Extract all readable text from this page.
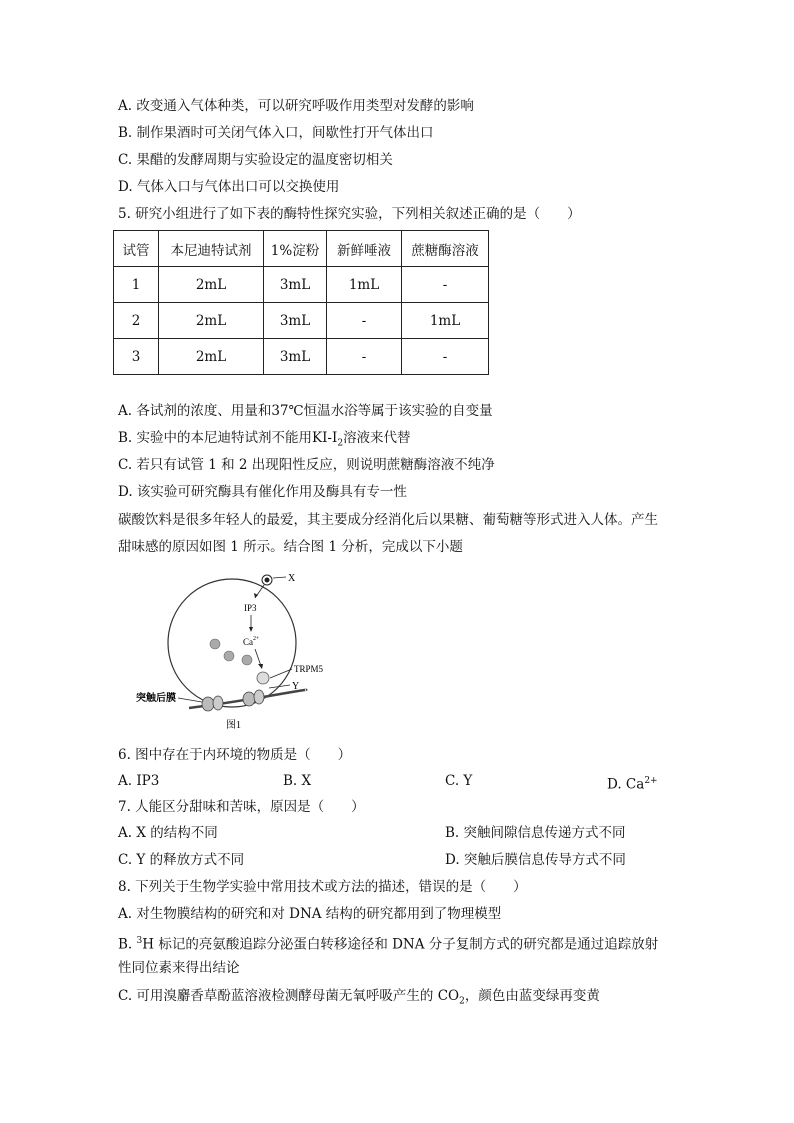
A. 改变通入气体种类，可以研究呼吸作用类型对发酵的影响
B. 制作果酒时可关闭气体入口，间歇性打开气体出口
C. 果醋的发酵周期与实验设定的温度密切相关
D. 气体入口与气体出口可以交换使用
5. 研究小组进行了如下表的酶特性探究实验，下列相关叙述正确的是（　　）
试管	本尼迪特试剂	1%淀粉	新鲜唾液	蔗糖酶溶液
1	2mL	3mL	1mL	-
2	2mL	3mL	-	1mL
3	2mL	3mL	-	-
A. 各试剂的浓度、用量和37℃恒温水浴等属于该实验的自变量
B. 实验中的本尼迪特试剂不能用$KI-I_2$溶液来代替
C. 若只有试管 1 和 2 出现阳性反应，则说明蔗糖酶溶液不纯净
D. 该实验可研究酶具有催化作用及酶具有专一性
碳酸饮料是很多年轻人的最爱，其主要成分经消化后以果糖、葡萄糖等形式进入人体。产生
甜味感的原因如图 1 所示。结合图 1 分析，完成以下小题
X
IP3
$Ca^{2+}$
TRPM5
Y
突触后膜
图1
6. 图中存在于内环境的物质是（　　）
A. IP3	B. X	C. Y	D. $Ca^{2+}$
7. 人能区分甜味和苦味，原因是（　　）
A. X 的结构不同	B. 突触间隙信息传递方式不同
C. Y 的释放方式不同	D. 突触后膜信息传导方式不同
8. 下列关于生物学实验中常用技术或方法的描述，错误的是（　　）
A. 对生物膜结构的研究和对 DNA 结构的研究都用到了物理模型
B. $^3$H 标记的亮氨酸追踪分泌蛋白转移途径和 DNA 分子复制方式的研究都是通过追踪放射
性同位素来得出结论
C. 可用溴麝香草酚蓝溶液检测酵母菌无氧呼吸产生的 $CO_2$，颜色由蓝变绿再变黄
